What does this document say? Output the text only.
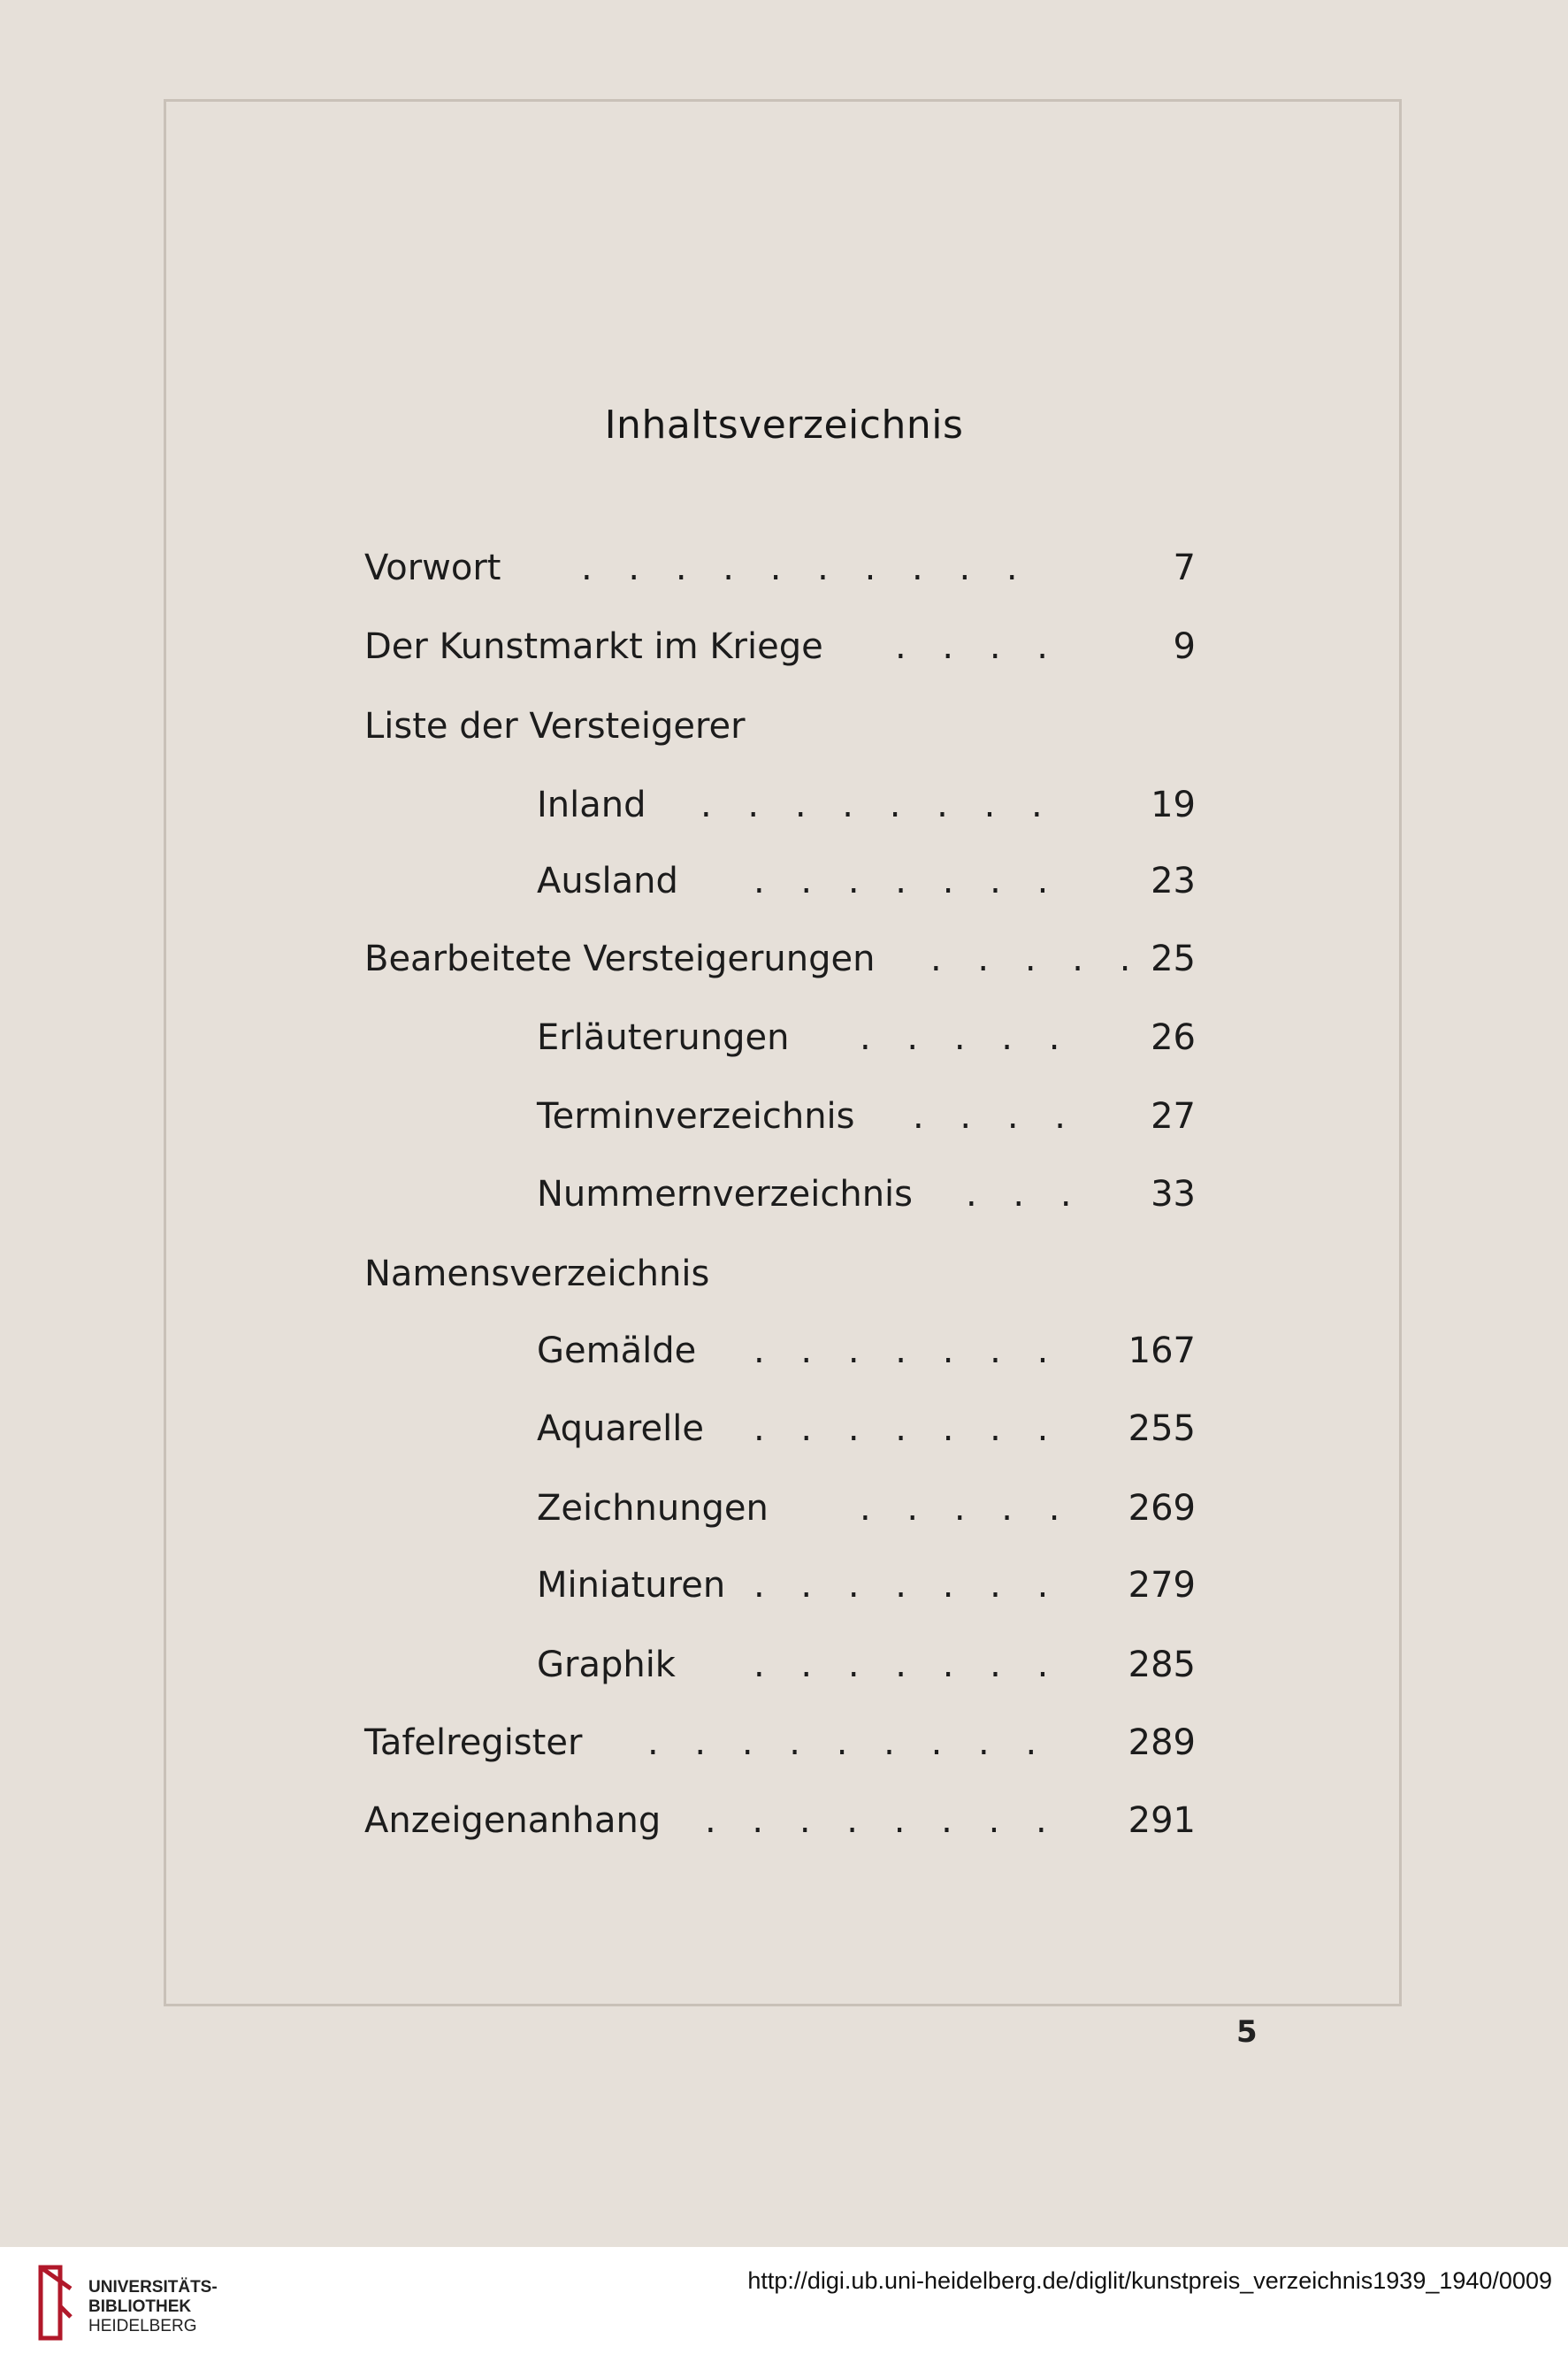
Inhaltsverzeichnis
Vorwort . . . . . . . . . .	7
Der Kunstmarkt im Kriege . . . .	9
Liste der Versteigerer
Inland . . . . . . . .	19
Ausland . . . . . . .	23
Bearbeitete Versteigerungen . . . . . 25
Erläuterungen . . . . . 26
Terminverzeichnis . . . . 27
Nummernverzeichnis . . . 33
Namensverzeichnis
Gemälde . . . . . . . 167
Aquarelle . . . . . . . 255
Zeichnungen	. . . . . 269
Miniaturen . . . . . . . 279
Graphik . . . . . . . 285
Tafelregister . . . . . . . . . 289
Anzeigenanhang . . . . . . . . 291
5
UNIVERSITÄTS-
BIBLIOTHEK
HEIDELBERG
http://digi.ub.uni-heidelberg.de/diglit/kunstpreis_verzeichnis1939_1940/0009
